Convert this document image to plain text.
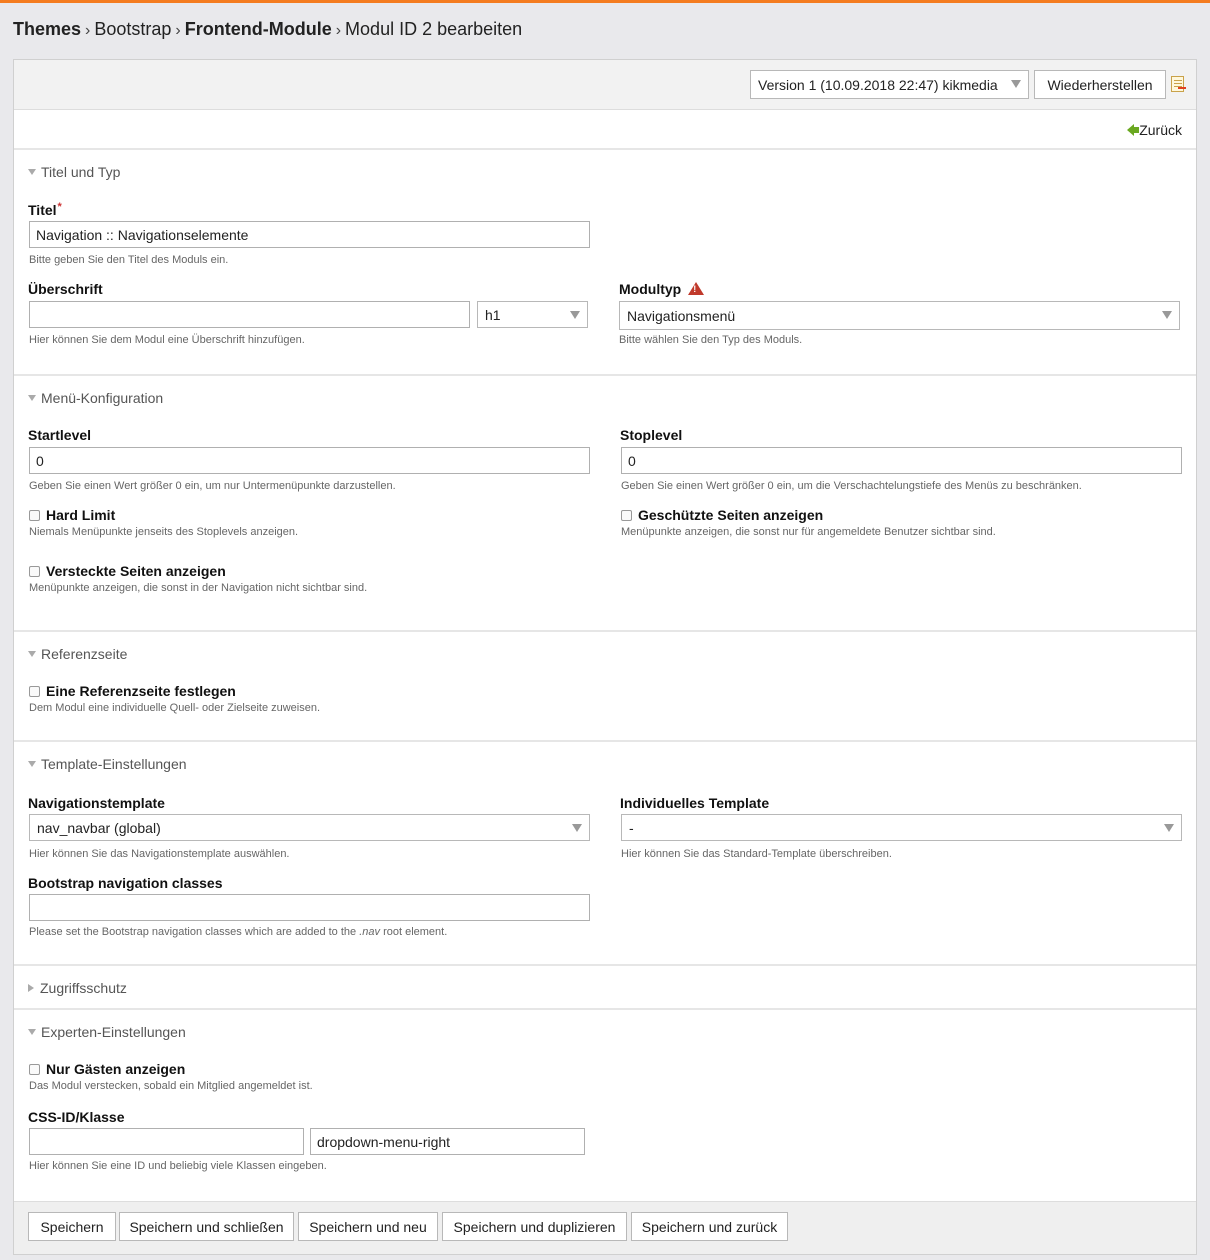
Themes › Bootstrap › Frontend-Module › Modul ID 2 bearbeiten
Version 1 (10.09.2018 22:47) kikmedia	Wiederherstellen
Zurück
Titel und Typ
Titel*
Navigation :: Navigationselemente
Bitte geben Sie den Titel des Moduls ein.
Überschrift
h1
Hier können Sie dem Modul eine Überschrift hinzufügen.
Modultyp!
Navigationsmenü
Bitte wählen Sie den Typ des Moduls.
Menü-Konfiguration
Startlevel
0
Geben Sie einen Wert größer 0 ein, um nur Untermenüpunkte darzustellen.
Stoplevel
0
Geben Sie einen Wert größer 0 ein, um die Verschachtelungstiefe des Menüs zu beschränken.
Hard Limit
Niemals Menüpunkte jenseits des Stoplevels anzeigen.
Geschützte Seiten anzeigen
Menüpunkte anzeigen, die sonst nur für angemeldete Benutzer sichtbar sind.
Versteckte Seiten anzeigen
Menüpunkte anzeigen, die sonst in der Navigation nicht sichtbar sind.
Referenzseite
Eine Referenzseite festlegen
Dem Modul eine individuelle Quell- oder Zielseite zuweisen.
Template-Einstellungen
Navigationstemplate
nav_navbar (global)
Hier können Sie das Navigationstemplate auswählen.
Individuelles Template
-
Hier können Sie das Standard-Template überschreiben.
Bootstrap navigation classes
Please set the Bootstrap navigation classes which are added to the .nav root element.
Zugriffsschutz
Experten-Einstellungen
Nur Gästen anzeigen
Das Modul verstecken, sobald ein Mitglied angemeldet ist.
CSS-ID/Klasse
dropdown-menu-right
Hier können Sie eine ID und beliebig viele Klassen eingeben.
Speichern	Speichern und schließen	Speichern und neu	Speichern und duplizieren	Speichern und zurück
